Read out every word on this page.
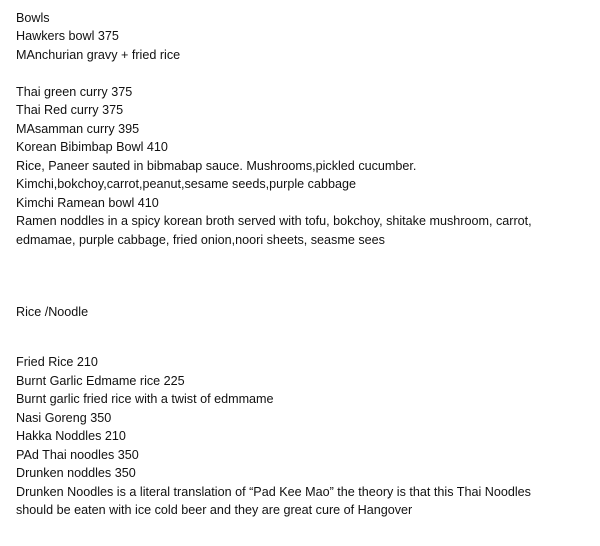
Bowls
Hawkers bowl 375
MAnchurian gravy + fried rice
Thai green curry 375
Thai Red curry 375
MAsamman curry 395
Korean Bibimbap Bowl 410
Rice, Paneer sauted in bibmabap sauce. Mushrooms,pickled cucumber.
Kimchi,bokchoy,carrot,peanut,sesame seeds,purple cabbage
Kimchi Ramean bowl 410
Ramen noddles in a spicy korean broth served with tofu, bokchoy, shitake mushroom, carrot,
edmamae, purple cabbage, fried onion,noori sheets, seasme sees
Rice /Noodle
Fried Rice 210
Burnt Garlic Edmame rice 225
Burnt garlic fried rice with a twist of edmmame
Nasi Goreng 350
Hakka Noddles 210
PAd Thai noodles 350
Drunken noddles 350
Drunken Noodles is a literal translation of “Pad Kee Mao” the theory is that this Thai Noodles
should be eaten with ice cold beer and they are great cure of Hangover
